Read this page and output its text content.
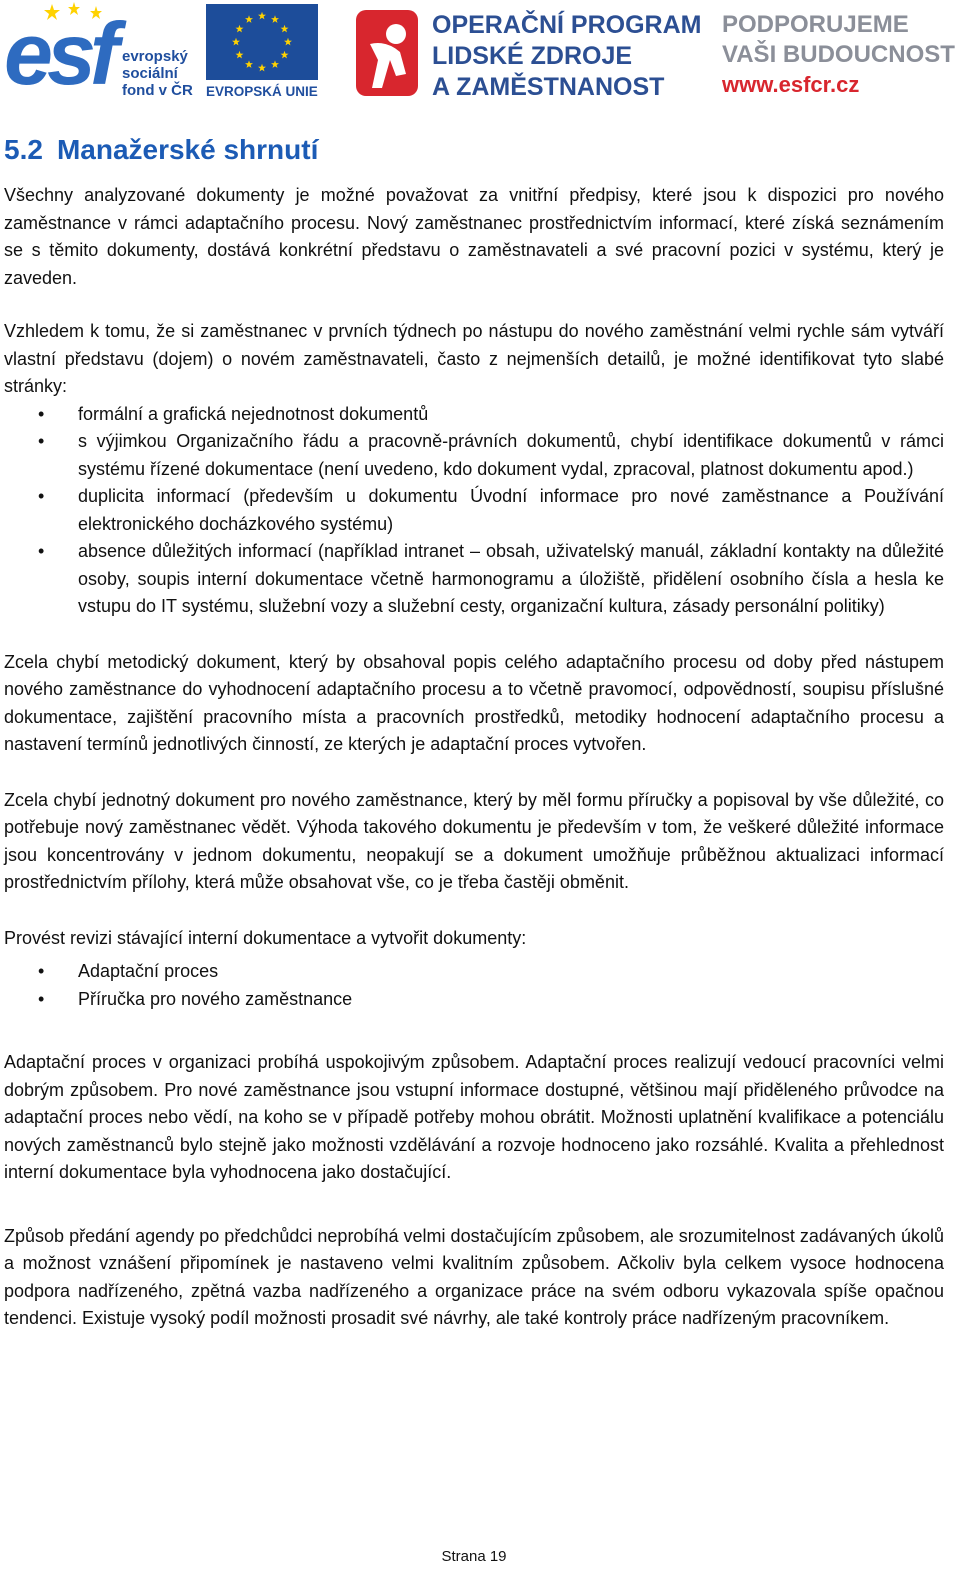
esf evropský
sociální
fond v ČR EVROPSKÁ UNIE
OPERAČNÍ PROGRAM
LIDSKÉ ZDROJE
A ZAMĚSTNANOST
PODPORUJEME
VAŠI BUDOUCNOST
www.esfcr.cz
5.2 Manažerské shrnutí

Všechny analyzované dokumenty je možné považovat za vnitřní předpisy, které jsou k dispozici pro nového zaměstnance v rámci adaptačního procesu. Nový zaměstnanec prostřednictvím informací, které získá seznámením se s těmito dokumenty, dostává konkrétní představu o zaměstnavateli a své pracovní pozici v systému, který je zaveden.

Vzhledem k tomu, že si zaměstnanec v prvních týdnech po nástupu do nového zaměstnání velmi rychle sám vytváří vlastní představu (dojem) o novém zaměstnavateli, často z nejmenších detailů, je možné identifikovat tyto slabé stránky:

• formální a grafická nejednotnost dokumentů
• s výjimkou Organizačního řádu a pracovně-právních dokumentů, chybí identifikace dokumentů v rámci systému řízené dokumentace (není uvedeno, kdo dokument vydal, zpracoval, platnost dokumentu apod.)
• duplicita informací (především u dokumentu Úvodní informace pro nové zaměstnance a Používání elektronického docházkového systému)
• absence důležitých informací (například intranet – obsah, uživatelský manuál, základní kontakty na důležité osoby, soupis interní dokumentace včetně harmonogramu a úložiště, přidělení osobního čísla a hesla ke vstupu do IT systému, služební vozy a služební cesty, organizační kultura, zásady personální politiky)

Zcela chybí metodický dokument, který by obsahoval popis celého adaptačního procesu od doby před nástupem nového zaměstnance do vyhodnocení adaptačního procesu a to včetně pravomocí, odpovědností, soupisu příslušné dokumentace, zajištění pracovního místa a pracovních prostředků, metodiky hodnocení adaptačního procesu a nastavení termínů jednotlivých činností, ze kterých je adaptační proces vytvořen.

Zcela chybí jednotný dokument pro nového zaměstnance, který by měl formu příručky a popisoval by vše důležité, co potřebuje nový zaměstnanec vědět. Výhoda takového dokumentu je především v tom, že veškeré důležité informace jsou koncentrovány v jednom dokumentu, neopakují se a dokument umožňuje průběžnou aktualizaci informací prostřednictvím přílohy, která může obsahovat vše, co je třeba častěji obměnit.

Provést revizi stávající interní dokumentace a vytvořit dokumenty:

• Adaptační proces
• Příručka pro nového zaměstnance

Adaptační proces v organizaci probíhá uspokojivým způsobem. Adaptační proces realizují vedoucí pracovníci velmi dobrým způsobem. Pro nové zaměstnance jsou vstupní informace dostupné, většinou mají přiděleného průvodce na adaptační proces nebo vědí, na koho se v případě potřeby mohou obrátit. Možnosti uplatnění kvalifikace a potenciálu nových zaměstnanců bylo stejně jako možnosti vzdělávání a rozvoje hodnoceno jako rozsáhlé. Kvalita a přehlednost interní dokumentace byla vyhodnocena jako dostačující.

Způsob předání agendy po předchůdci neprobíhá velmi dostačujícím způsobem, ale srozumitelnost zadávaných úkolů a možnost vznášení připomínek je nastaveno velmi kvalitním způsobem. Ačkoliv byla celkem vysoce hodnocena podpora nadřízeného, zpětná vazba nadřízeného a organizace práce na svém odboru vykazovala spíše opačnou tendenci. Existuje vysoký podíl možnosti prosadit své návrhy, ale také kontroly práce nadřízeným pracovníkem.

Strana 19
